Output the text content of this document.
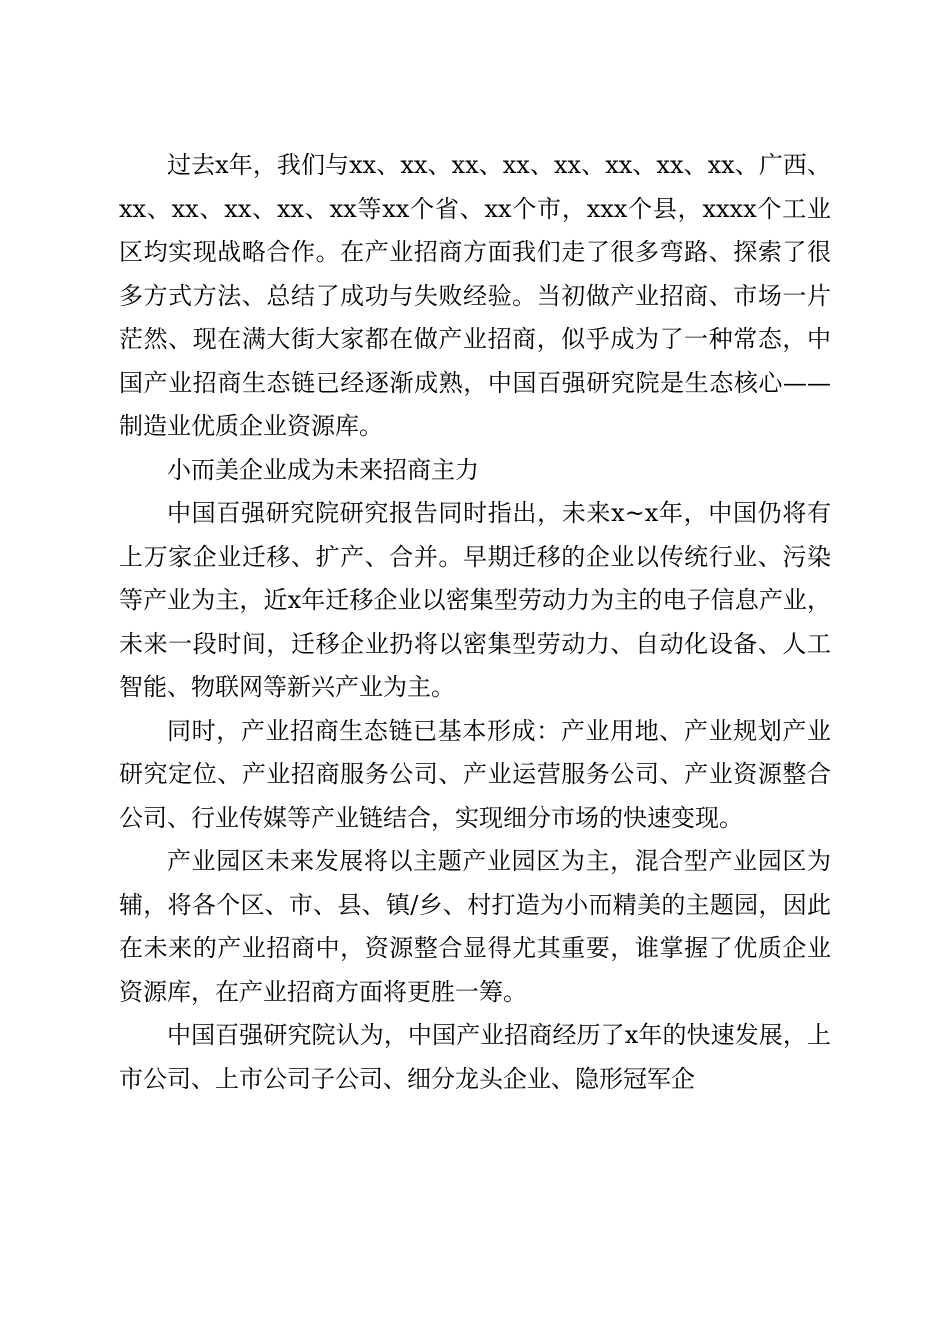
过去x年，我们与xx、xx、xx、xx、xx、xx、xx、xx、广西、xx、xx、xx、xx、xx等xx个省、xx个市，xxx个县，xxxx个工业区均实现战略合作。在产业招商方面我们走了很多弯路、探索了很多方式方法、总结了成功与失败经验。当初做产业招商、市场一片茫然、现在满大街大家都在做产业招商，似乎成为了一种常态，中国产业招商生态链已经逐渐成熟，中国百强研究院是生态核心——制造业优质企业资源库。

小而美企业成为未来招商主力

中国百强研究院研究报告同时指出，未来x~x年，中国仍将有上万家企业迁移、扩产、合并。早期迁移的企业以传统行业、污染等产业为主，近x年迁移企业以密集型劳动力为主的电子信息产业，未来一段时间，迁移企业扔将以密集型劳动力、自动化设备、人工智能、物联网等新兴产业为主。

同时，产业招商生态链已基本形成：产业用地、产业规划产业研究定位、产业招商服务公司、产业运营服务公司、产业资源整合公司、行业传媒等产业链结合，实现细分市场的快速变现。

产业园区未来发展将以主题产业园区为主，混合型产业园区为辅，将各个区、市、县、镇/乡、村打造为小而精美的主题园，因此在未来的产业招商中，资源整合显得尤其重要，谁掌握了优质企业资源库，在产业招商方面将更胜一筹。

中国百强研究院认为，中国产业招商经历了x年的快速发展，上市公司、上市公司子公司、细分龙头企业、隐形冠军企
